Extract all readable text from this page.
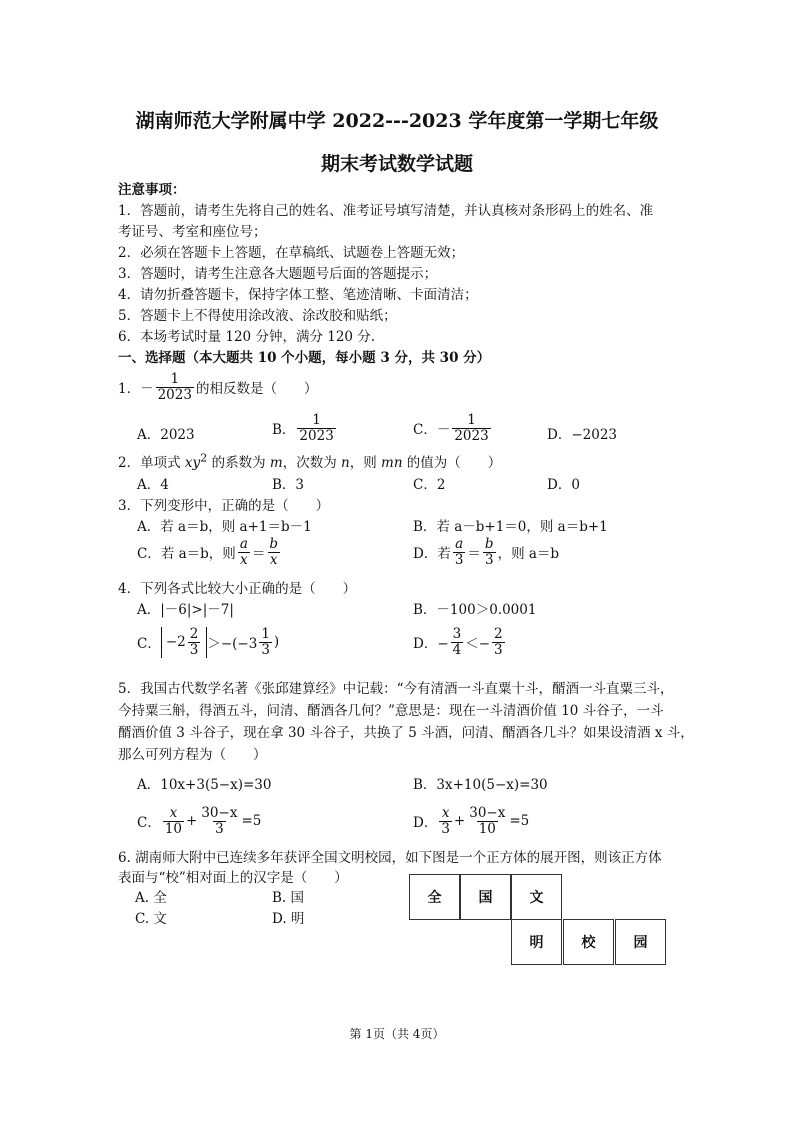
湖南师范大学附属中学 2022---2023 学年度第一学期七年级
期末考试数学试题
注意事项：
1．答题前，请考生先将自己的姓名、准考证号填写清楚，并认真核对条形码上的姓名、准
考证号、考室和座位号；
2．必须在答题卡上答题，在草稿纸、试题卷上答题无效；
3．答题时，请考生注意各大题题号后面的答题提示；
4．请勿折叠答题卡，保持字体工整、笔迹清晰、卡面清洁；
5．答题卡上不得使用涂改液、涂改胶和贴纸；
6．本场考试时量 120 分钟，满分 120 分.
一、选择题（本大题共 10 个小题，每小题 3 分，共 30 分）
1． － $\frac{1}{2023}$ 的相反数是（　　）
A．2023	B． $\frac{1}{2023}$	C．－ $\frac{1}{2023}$	D．−2023
2．单项式 $xy^2$ 的系数为 m，次数为 n，则 mn 的值为（　　）
A．4	B．3	C．2	D．0
3．下列变形中，正确的是（　　）
A．若 a＝b，则 a+1＝b－1	B．若 a－b+1＝0，则 a＝b+1
C．若 a＝b，则 $\frac{a}{x} = \frac{b}{x}$	D．若 $\frac{a}{3} = \frac{b}{3}$ ，则 a＝b
4．下列各式比较大小正确的是（　　）
A．|－6|>|－7|	B．－100＞0.0001
C． $-2 \frac{2}{3} >-(-3 \frac{1}{3}$ )	D．− $\frac{3}{4} <- \frac{2}{3}$
5．我国古代数学名著《张邱建算经》中记载：“今有清酒一斗直粟十斗，醑酒一斗直粟三斗，
今持粟三斛，得酒五斗，问清、醑酒各几何？”意思是：现在一斗清酒价值 10 斗谷子，一斗
醑酒价值 3 斗谷子，现在拿 30 斗谷子，共换了 5 斗酒，问清、醑酒各几斗？如果设清酒 x 斗，
那么可列方程为（　　）
A．10x+3(5−x)=30	B．3x+10(5−x)=30
C． $\frac{x}{10} + \frac{30-x}{3} =5$	D． $\frac{x}{3} + \frac{30-x}{10} =5$
6. 湖南师大附中已连续多年获评全国文明校园，如下图是一个正方体的展开图，则该正方体
表面与“校”相对面上的汉字是（　　）
A. 全	B. 国
C. 文	D. 明
全	国	文
明	校	园
第 1页（共 4页）
